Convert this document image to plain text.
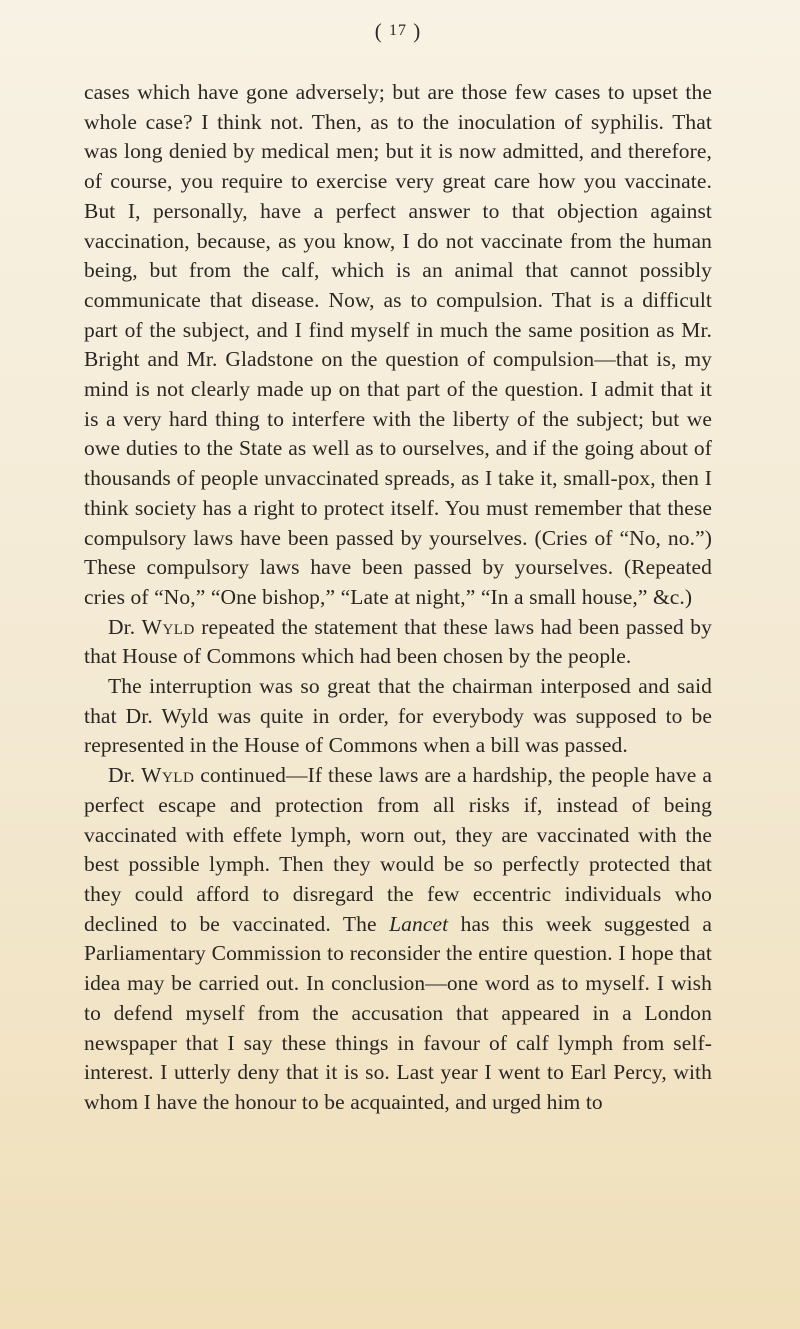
( 17 )

cases which have gone adversely; but are those few cases to upset the whole case? I think not. Then, as to the inoculation of syphilis. That was long denied by medical men; but it is now admitted, and therefore, of course, you require to exercise very great care how you vaccinate. But I, personally, have a perfect answer to that objection against vaccination, because, as you know, I do not vaccinate from the human being, but from the calf, which is an animal that cannot possibly communicate that disease. Now, as to compulsion. That is a difficult part of the subject, and I find myself in much the same position as Mr. Bright and Mr. Gladstone on the question of compulsion—that is, my mind is not clearly made up on that part of the question. I admit that it is a very hard thing to interfere with the liberty of the subject; but we owe duties to the State as well as to ourselves, and if the going about of thousands of people unvaccinated spreads, as I take it, small-pox, then I think society has a right to protect itself. You must remember that these compulsory laws have been passed by yourselves. (Cries of “No, no.”) These compulsory laws have been passed by yourselves. (Repeated cries of “No,” “One bishop,” “Late at night,” “In a small house,” &c.)

Dr. Wyld repeated the statement that these laws had been passed by that House of Commons which had been chosen by the people.

The interruption was so great that the chairman interposed and said that Dr. Wyld was quite in order, for everybody was supposed to be represented in the House of Commons when a bill was passed.

Dr. Wyld continued—If these laws are a hardship, the people have a perfect escape and protection from all risks if, instead of being vaccinated with effete lymph, worn out, they are vaccinated with the best possible lymph. Then they would be so perfectly protected that they could afford to disregard the few eccentric individuals who declined to be vaccinated. The Lancet has this week suggested a Parliamentary Commission to reconsider the entire question. I hope that idea may be carried out. In conclusion—one word as to myself. I wish to defend myself from the accusation that appeared in a London newspaper that I say these things in favour of calf lymph from self-interest. I utterly deny that it is so. Last year I went to Earl Percy, with whom I have the honour to be acquainted, and urged him to
